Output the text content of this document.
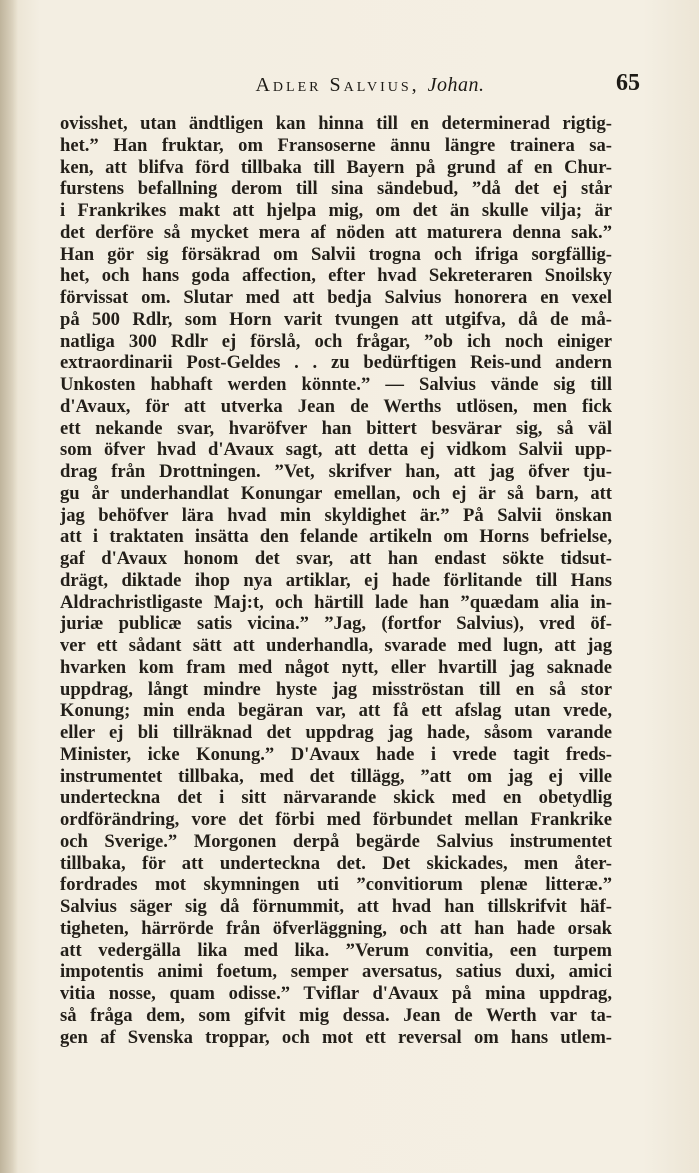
Adler Salvius, Johan.	65
ovisshet, utan ändtligen kan hinna till en determinerad rigtig-
het.” Han fruktar, om Fransoserne ännu längre trainera sa-
ken, att blifva förd tillbaka till Bayern på grund af en Chur-
furstens befallning derom till sina sändebud, ”då det ej står
i Frankrikes makt att hjelpa mig, om det än skulle vilja; är
det derföre så mycket mera af nöden att maturera denna sak.”
Han gör sig försäkrad om Salvii trogna och ifriga sorgfällig-
het, och hans goda affection, efter hvad Sekreteraren Snoilsky
förvissat om. Slutar med att bedja Salvius honorera en vexel
på 500 Rdlr, som Horn varit tvungen att utgifva, då de må-
natliga 300 Rdlr ej förslå, och frågar, ”ob ich noch einiger
extraordinarii Post-Geldes . . zu bedürftigen Reis-und andern
Unkosten habhaft werden könnte.” — Salvius vände sig till
d'Avaux, för att utverka Jean de Werths utlösen, men fick
ett nekande svar, hvaröfver han bittert besvärar sig, så väl
som öfver hvad d'Avaux sagt, att detta ej vidkom Salvii upp-
drag från Drottningen. ”Vet, skrifver han, att jag öfver tju-
gu år underhandlat Konungar emellan, och ej är så barn, att
jag behöfver lära hvad min skyldighet är.” På Salvii önskan
att i traktaten insätta den felande artikeln om Horns befrielse,
gaf d'Avaux honom det svar, att han endast sökte tidsut-
drägt, diktade ihop nya artiklar, ej hade förlitande till Hans
Aldrachristligaste Maj:t, och härtill lade han ”quædam alia in-
juriæ publicæ satis vicina.” ”Jag, (fortfor Salvius), vred öf-
ver ett sådant sätt att underhandla, svarade med lugn, att jag
hvarken kom fram med något nytt, eller hvartill jag saknade
uppdrag, långt mindre hyste jag misströstan till en så stor
Konung; min enda begäran var, att få ett afslag utan vrede,
eller ej bli tillräknad det uppdrag jag hade, såsom varande
Minister, icke Konung.” D'Avaux hade i vrede tagit freds-
instrumentet tillbaka, med det tillägg, ”att om jag ej ville
underteckna det i sitt närvarande skick med en obetydlig
ordförändring, vore det förbi med förbundet mellan Frankrike
och Sverige.” Morgonen derpå begärde Salvius instrumentet
tillbaka, för att underteckna det. Det skickades, men åter-
fordrades mot skymningen uti ”convitiorum plenæ litteræ.”
Salvius säger sig då förnummit, att hvad han tillskrifvit häf-
tigheten, härrörde från öfverläggning, och att han hade orsak
att vedergälla lika med lika. ”Verum convitia, een turpem
impotentis animi foetum, semper aversatus, satius duxi, amici
vitia nosse, quam odisse.” Tviflar d'Avaux på mina uppdrag,
så fråga dem, som gifvit mig dessa. Jean de Werth var ta-
gen af Svenska troppar, och mot ett reversal om hans utlem-
